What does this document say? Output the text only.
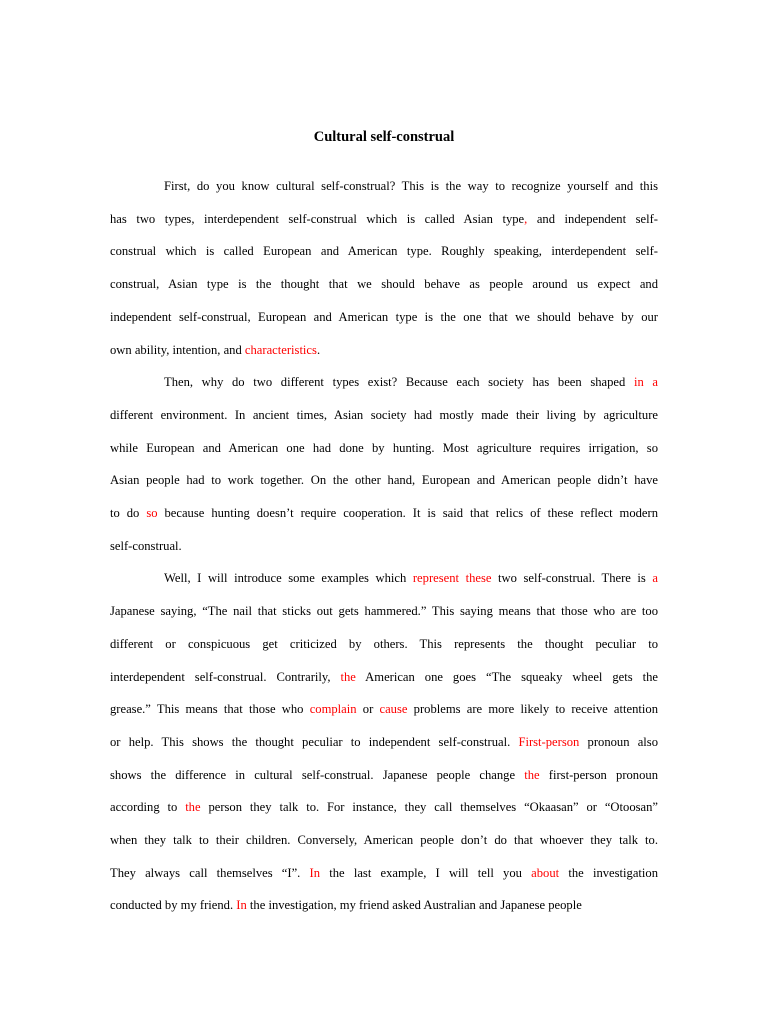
Cultural self-construal
First, do you know cultural self-construal? This is the way to recognize yourself and this
has two types, interdependent self-construal which is called Asian type, and independent self-
construal which is called European and American type. Roughly speaking, interdependent self-
construal, Asian type is the thought that we should behave as people around us expect and
independent self-construal, European and American type is the one that we should behave by our
own ability, intention, and characteristics.
Then, why do two different types exist? Because each society has been shaped in a
different environment. In ancient times, Asian society had mostly made their living by agriculture
while European and American one had done by hunting. Most agriculture requires irrigation, so
Asian people had to work together. On the other hand, European and American people didn’t have
to do so because hunting doesn’t require cooperation. It is said that relics of these reflect modern
self-construal.
Well, I will introduce some examples which represent these two self-construal. There is a
Japanese saying, “The nail that sticks out gets hammered.” This saying means that those who are too
different or conspicuous get criticized by others. This represents the thought peculiar to
interdependent self-construal. Contrarily, the American one goes “The squeaky wheel gets the
grease.” This means that those who complain or cause problems are more likely to receive attention
or help. This shows the thought peculiar to independent self-construal. First-person pronoun also
shows the difference in cultural self-construal. Japanese people change the first-person pronoun
according to the person they talk to. For instance, they call themselves “Okaasan” or “Otoosan”
when they talk to their children. Conversely, American people don’t do that whoever they talk to.
They always call themselves “I”. In the last example, I will tell you about the investigation
conducted by my friend. In the investigation, my friend asked Australian and Japanese people
